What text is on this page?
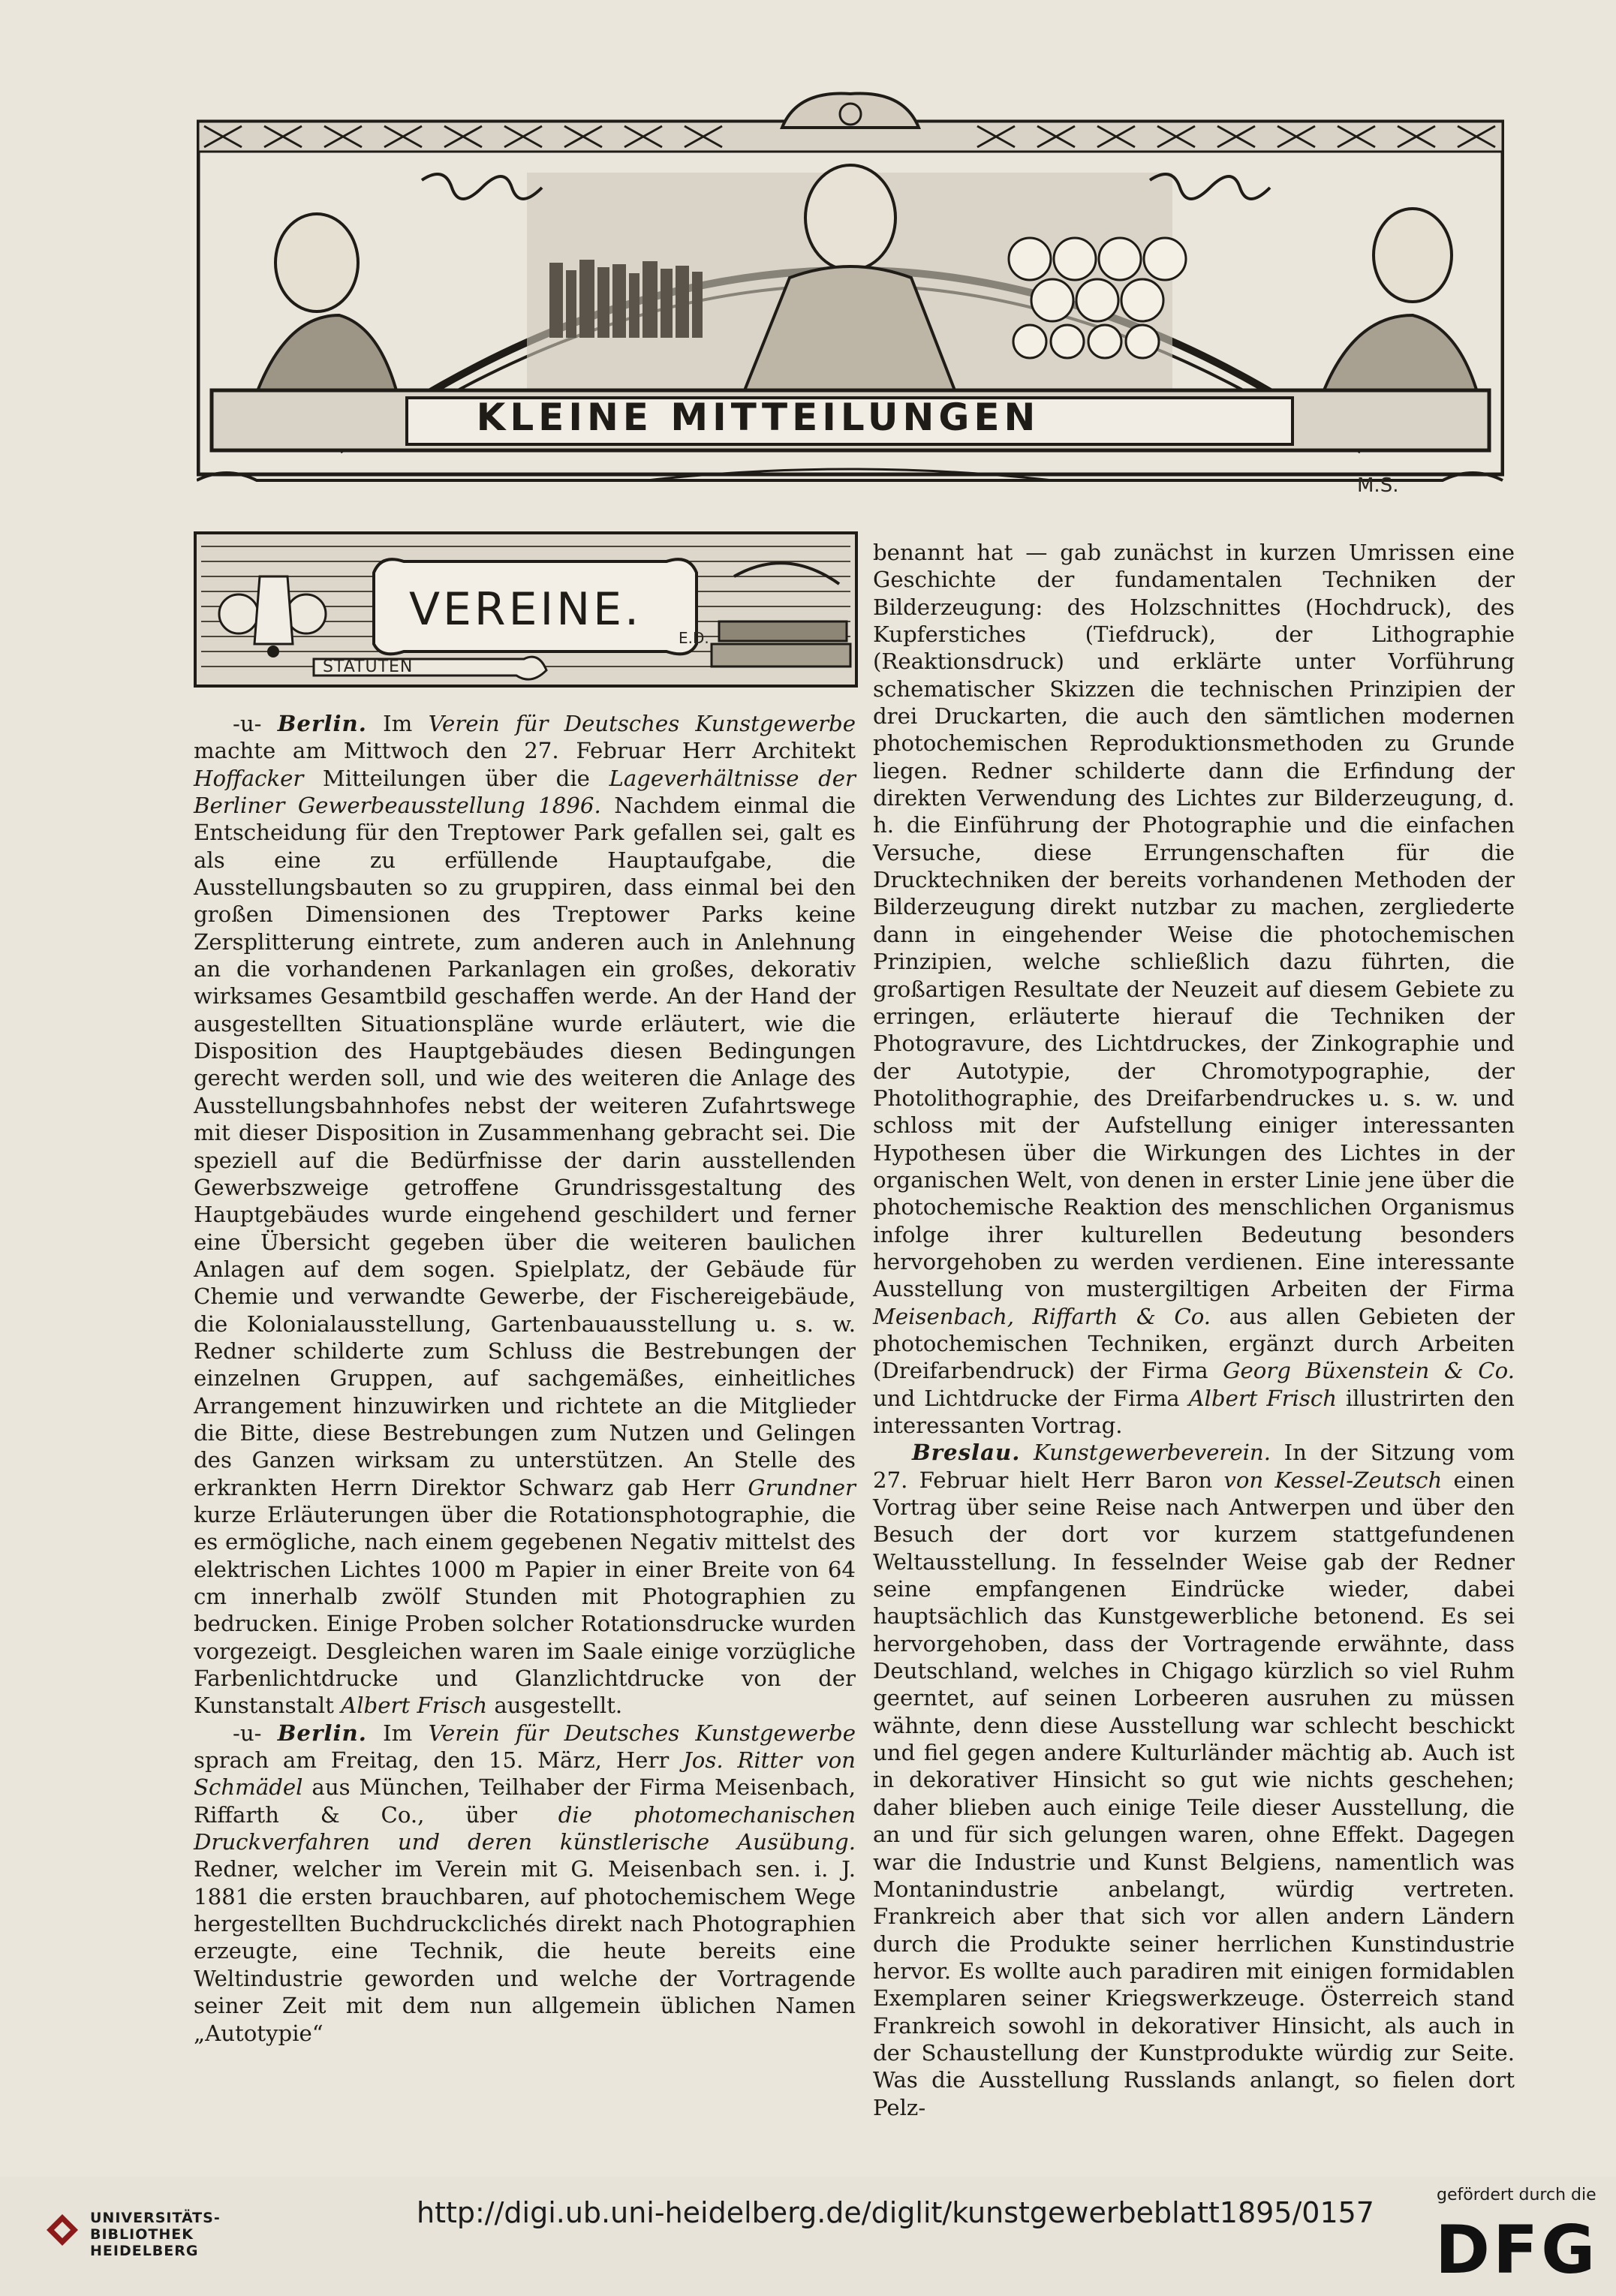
KLEINE MITTEILUNGEN
M.S.
VEREINE.
STATUTEN
E.D.

-u- Berlin. Im Verein für Deutsches Kunstgewerbe machte am Mittwoch den 27. Februar Herr Architekt Hoffacker Mitteilungen über die Lageverhältnisse der Berliner Gewerbeausstellung 1896. Nachdem einmal die Entscheidung für den Treptower Park gefallen sei, galt es als eine zu erfüllende Hauptaufgabe, die Ausstellungsbauten so zu gruppiren, dass einmal bei den großen Dimensionen des Treptower Parks keine Zersplitterung eintrete, zum anderen auch in Anlehnung an die vorhandenen Parkanlagen ein großes, dekorativ wirksames Gesamtbild geschaffen werde. An der Hand der ausgestellten Situationspläne wurde erläutert, wie die Disposition des Hauptgebäudes diesen Bedingungen gerecht werden soll, und wie des weiteren die Anlage des Ausstellungsbahnhofes nebst der weiteren Zufahrtswege mit dieser Disposition in Zusammenhang gebracht sei. Die speziell auf die Bedürfnisse der darin ausstellenden Gewerbszweige getroffene Grundrissgestaltung des Hauptgebäudes wurde eingehend geschildert und ferner eine Übersicht gegeben über die weiteren baulichen Anlagen auf dem sogen. Spielplatz, der Gebäude für Chemie und verwandte Gewerbe, der Fischereigebäude, die Kolonialausstellung, Gartenbauausstellung u. s. w. Redner schilderte zum Schluss die Bestrebungen der einzelnen Gruppen, auf sachgemäßes, einheitliches Arrangement hinzuwirken und richtete an die Mitglieder die Bitte, diese Bestrebungen zum Nutzen und Gelingen des Ganzen wirksam zu unterstützen. An Stelle des erkrankten Herrn Direktor Schwarz gab Herr Grundner kurze Erläuterungen über die Rotationsphotographie, die es ermögliche, nach einem gegebenen Negativ mittelst des elektrischen Lichtes 1000 m Papier in einer Breite von 64 cm innerhalb zwölf Stunden mit Photographien zu bedrucken. Einige Proben solcher Rotationsdrucke wurden vorgezeigt. Desgleichen waren im Saale einige vorzügliche Farbenlichtdrucke und Glanzlichtdrucke von der Kunstanstalt Albert Frisch ausgestellt.

-u- Berlin. Im Verein für Deutsches Kunstgewerbe sprach am Freitag, den 15. März, Herr Jos. Ritter von Schmädel aus München, Teilhaber der Firma Meisenbach, Riffarth & Co., über die photomechanischen Druckverfahren und deren künstlerische Ausübung. Redner, welcher im Verein mit G. Meisenbach sen. i. J. 1881 die ersten brauchbaren, auf photochemischem Wege hergestellten Buchdruckclichés direkt nach Photographien erzeugte, eine Technik, die heute bereits eine Weltindustrie geworden und welche der Vortragende seiner Zeit mit dem nun allgemein üblichen Namen „Autotypie“

benannt hat — gab zunächst in kurzen Umrissen eine Geschichte der fundamentalen Techniken der Bilderzeugung: des Holzschnittes (Hochdruck), des Kupferstiches (Tiefdruck), der Lithographie (Reaktionsdruck) und erklärte unter Vorführung schematischer Skizzen die technischen Prinzipien der drei Druckarten, die auch den sämtlichen modernen photochemischen Reproduktionsmethoden zu Grunde liegen. Redner schilderte dann die Erfindung der direkten Verwendung des Lichtes zur Bilderzeugung, d. h. die Einführung der Photographie und die einfachen Versuche, diese Errungenschaften für die Drucktechniken der bereits vorhandenen Methoden der Bilderzeugung direkt nutzbar zu machen, zergliederte dann in eingehender Weise die photochemischen Prinzipien, welche schließlich dazu führten, die großartigen Resultate der Neuzeit auf diesem Gebiete zu erringen, erläuterte hierauf die Techniken der Photogravure, des Lichtdruckes, der Zinkographie und der Autotypie, der Chromotypographie, der Photolithographie, des Dreifarbendruckes u. s. w. und schloss mit der Aufstellung einiger interessanten Hypothesen über die Wirkungen des Lichtes in der organischen Welt, von denen in erster Linie jene über die photochemische Reaktion des menschlichen Organismus infolge ihrer kulturellen Bedeutung besonders hervorgehoben zu werden verdienen. Eine interessante Ausstellung von mustergiltigen Arbeiten der Firma Meisenbach, Riffarth & Co. aus allen Gebieten der photochemischen Techniken, ergänzt durch Arbeiten (Dreifarbendruck) der Firma Georg Büxenstein & Co. und Lichtdrucke der Firma Albert Frisch illustrirten den interessanten Vortrag.

Breslau. Kunstgewerbeverein. In der Sitzung vom 27. Februar hielt Herr Baron von Kessel-Zeutsch einen Vortrag über seine Reise nach Antwerpen und über den Besuch der dort vor kurzem stattgefundenen Weltausstellung. In fesselnder Weise gab der Redner seine empfangenen Eindrücke wieder, dabei hauptsächlich das Kunstgewerbliche betonend. Es sei hervorgehoben, dass der Vortragende erwähnte, dass Deutschland, welches in Chigago kürzlich so viel Ruhm geerntet, auf seinen Lorbeeren ausruhen zu müssen wähnte, denn diese Ausstellung war schlecht beschickt und fiel gegen andere Kulturländer mächtig ab. Auch ist in dekorativer Hinsicht so gut wie nichts geschehen; daher blieben auch einige Teile dieser Ausstellung, die an und für sich gelungen waren, ohne Effekt. Dagegen war die Industrie und Kunst Belgiens, namentlich was Montanindustrie anbelangt, würdig vertreten. Frankreich aber that sich vor allen andern Ländern durch die Produkte seiner herrlichen Kunstindustrie hervor. Es wollte auch paradiren mit einigen formidablen Exemplaren seiner Kriegswerkzeuge. Österreich stand Frankreich sowohl in dekorativer Hinsicht, als auch in der Schaustellung der Kunstprodukte würdig zur Seite. Was die Ausstellung Russlands anlangt, so fielen dort Pelz-

UNIVERSITÄTS-
BIBLIOTHEK
HEIDELBERG
http://digi.ub.uni-heidelberg.de/diglit/kunstgewerbeblatt1895/0157
gefördert durch die
DFG
